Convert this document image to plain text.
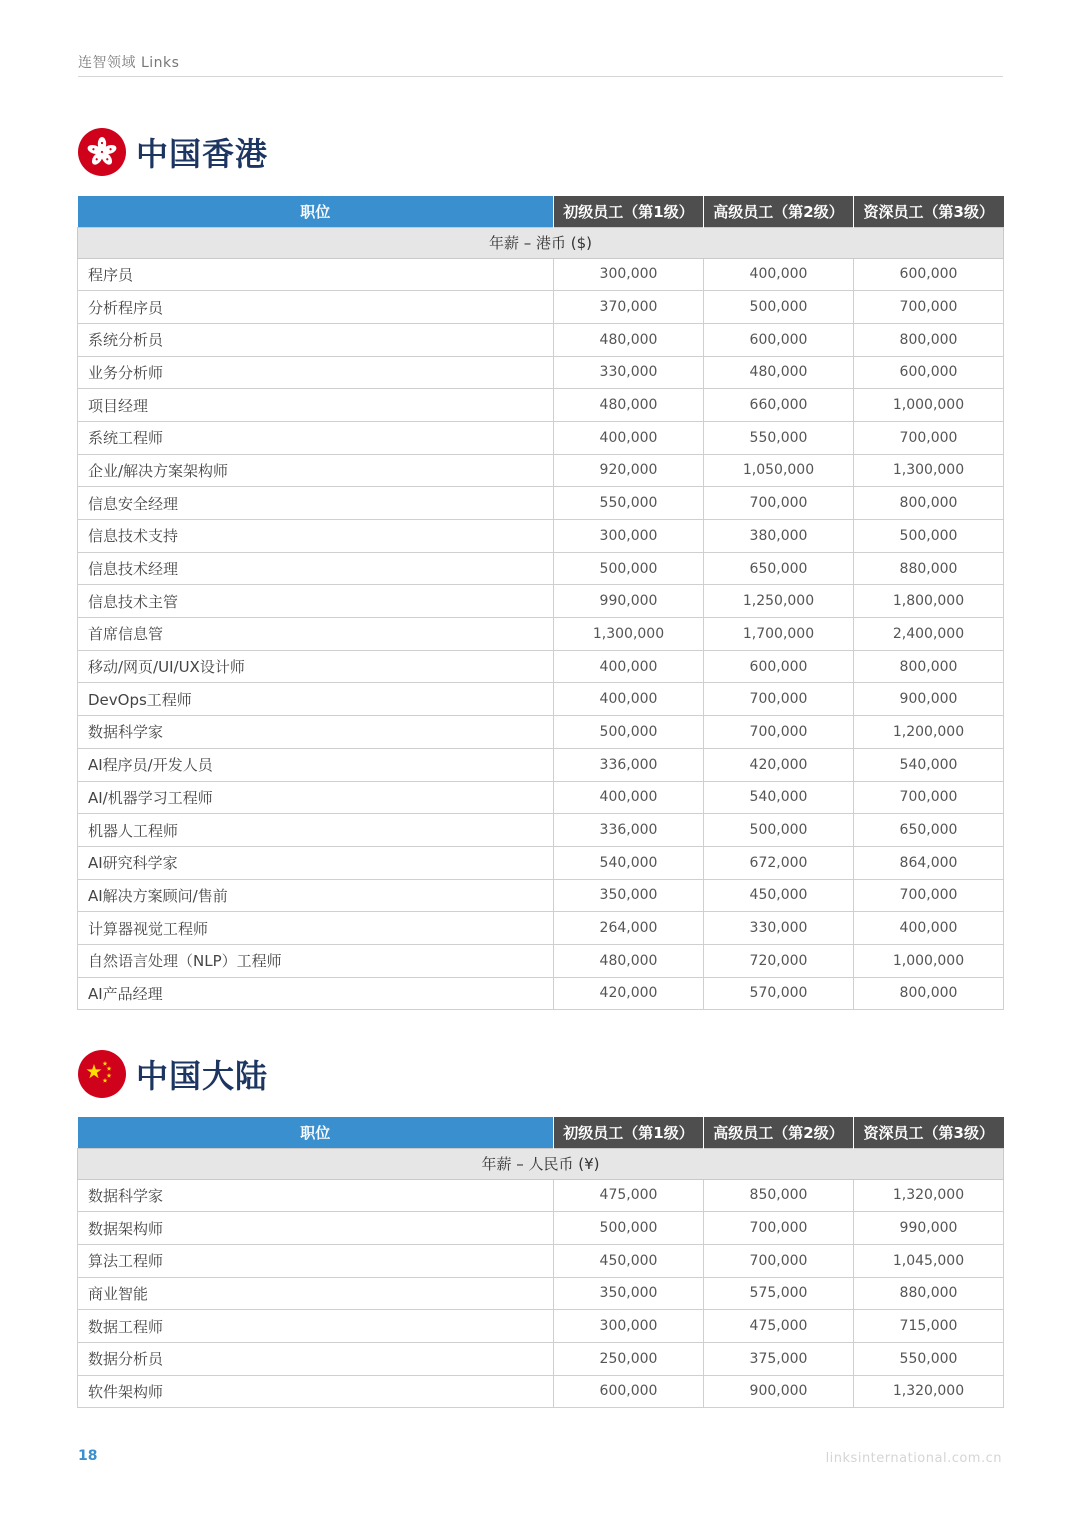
连智领域 Links
中国香港
职位	初级员工（第1级）	高级员工（第2级）	资深员工（第3级）
年薪 – 港币 ($)			
程序员	300,000	400,000	600,000
分析程序员	370,000	500,000	700,000
系统分析员	480,000	600,000	800,000
业务分析师	330,000	480,000	600,000
项目经理	480,000	660,000	1,000,000
系统工程师	400,000	550,000	700,000
企业/解决方案架构师	920,000	1,050,000	1,300,000
信息安全经理	550,000	700,000	800,000
信息技术支持	300,000	380,000	500,000
信息技术经理	500,000	650,000	880,000
信息技术主管	990,000	1,250,000	1,800,000
首席信息管	1,300,000	1,700,000	2,400,000
移动/网页/UI/UX设计师	400,000	600,000	800,000
DevOps工程师	400,000	700,000	900,000
数据科学家	500,000	700,000	1,200,000
AI程序员/开发人员	336,000	420,000	540,000
AI/机器学习工程师	400,000	540,000	700,000
机器人工程师	336,000	500,000	650,000
AI研究科学家	540,000	672,000	864,000
AI解决方案顾问/售前	350,000	450,000	700,000
计算器视觉工程师	264,000	330,000	400,000
自然语言处理（NLP）工程师	480,000	720,000	1,000,000
AI产品经理	420,000	570,000	800,000
中国大陆
职位	初级员工（第1级）	高级员工（第2级）	资深员工（第3级）
年薪 – 人民币 (¥)			
数据科学家	475,000	850,000	1,320,000
数据架构师	500,000	700,000	990,000
算法工程师	450,000	700,000	1,045,000
商业智能	350,000	575,000	880,000
数据工程师	300,000	475,000	715,000
数据分析员	250,000	375,000	550,000
软件架构师	600,000	900,000	1,320,000
18	linksinternational.com.cn
